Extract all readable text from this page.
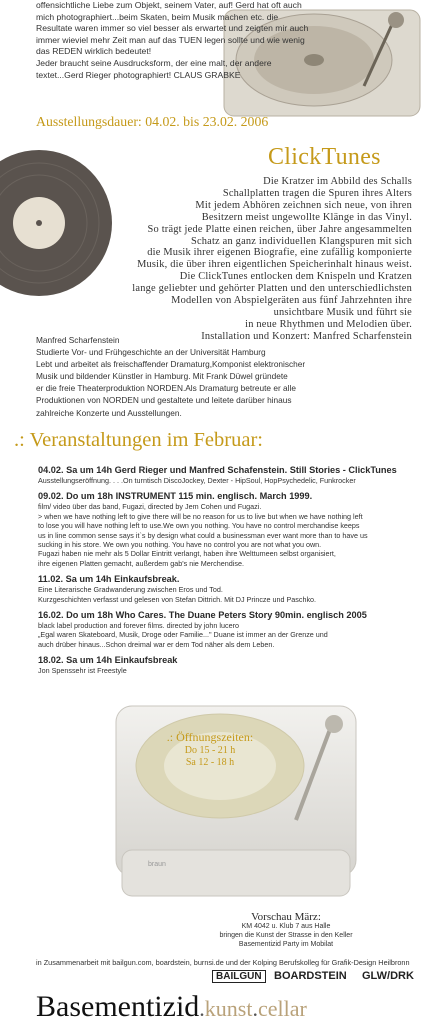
offensichtliche Liebe zum Objekt, seinem Vater, auf! Gerd hat oft auch
mich photographiert...beim Skaten, beim Musik machen etc. die
Resultate waren immer so viel besser als erwartet und zeigten mir auch
immer wieviel mehr Zeit man auf das TUEN legen sollte und wie wenig
das REDEN wirklich bedeutet!
Jeder braucht seine Ausdrucksform, der eine malt, der andere
textet...Gerd Rieger photographiert! CLAUS GRABKE
Ausstellungsdauer: 04.02. bis 23.02. 2006
ClickTunes
Die Kratzer im Abbild des Schalls
Schallplatten tragen die Spuren ihres Alters
Mit jedem Abhören zeichnen sich neue, von ihren
Besitzern meist ungewollte Klänge in das Vinyl.
So trägt jede Platte einen reichen, über Jahre angesammelten
Schatz an ganz individuellen Klangspuren mit sich
die Musik ihrer eigenen Biografie, eine zufällig komponierte
Musik, die über ihren eigentlichen Speicherinhalt hinaus weist.
Die ClickTunes entlocken dem Knispeln und Kratzen
lange geliebter und gehörter Platten und den unterschiedlichsten
Modellen von Abspielgeräten aus fünf Jahrzehnten ihre
unsichtbare Musik und führt sie
in neue Rhythmen und Melodien über.
Installation und Konzert: Manfred Scharfenstein
Manfred Scharfenstein
Studierte Vor- und Frühgeschichte an der Universität Hamburg
Lebt und arbeitet als freischaffender Dramaturg,Komponist elektronischer
Musik und bildender Künstler in Hamburg. Mit Frank Düwel gründete
er die freie Theaterproduktion NORDEN.Als Dramaturg betreute er alle
Produktionen von NORDEN und gestaltete und leitete darüber hinaus
zahlreiche Konzerte und Ausstellungen.
.: Veranstaltungen im Februar:
04.02. Sa um 14h Gerd Rieger und Manfred Schafenstein. Still Stories - ClickTunes
Ausstellungseröffnung. . . .On turntisch DiscoJockey, Dexter - HipSoul, HopPsychedelic, Funkrocker
09.02. Do um 18h INSTRUMENT 115 min. englisch. March 1999.
film/ video über das band, Fugazi, directed by Jem Cohen und Fugazi.
> when we have nothing left to give there will be no reason for us to live but when we have nothing left
to lose you will have nothing left to use.We own you nothing. You have no control merchandise keeps
us in line common sense says it`s by design what could a businessman ever want more than to have us
sucking in his store. We own you nothing. You have no control you are not what you own.
Fugazi haben nie mehr als 5 Dollar Eintritt verlangt, haben ihre Welttumeen selbst organisiert,
ihre eigenen Platten gemacht, außerdem gab's nie Merchendise.
11.02. Sa um 14h Einkaufsbreak.
Eine Literarische Gradwanderung zwischen Eros und Tod.
Kurzgeschichten verfasst und gelesen von Stefan Dittrich. Mit DJ Princze und Paschko.
16.02. Do um 18h Who Cares. The Duane Peters Story 90min. englisch 2005
black label production and forever films. directed by john lucero
„Egal waren Skateboard, Musik, Droge oder Familie..." Duane ist immer an der Grenze und
auch drüber hinaus...Schon dreimal war er dem Tod näher als dem Leben.
18.02. Sa um 14h Einkaufsbreak
Jon Spenssehr ist Freestyle
braun
.: Öffnungszeiten:
Do 15 - 21 h
Sa 12 - 18 h
Vorschau März:
KM 4042 u. Klub 7 aus Halle
bringen die Kunst der Strasse in den Keller
Basementizid Party im Mobilat
in Zusammenarbeit mit bailgun.com, boardstein, burnsi.de und der Kolping Berufskolleg für Grafik-Design Heilbronn
BAILGUN	BOARDSTEIN GLW/DRK
Basementizid.kunst.cellar
